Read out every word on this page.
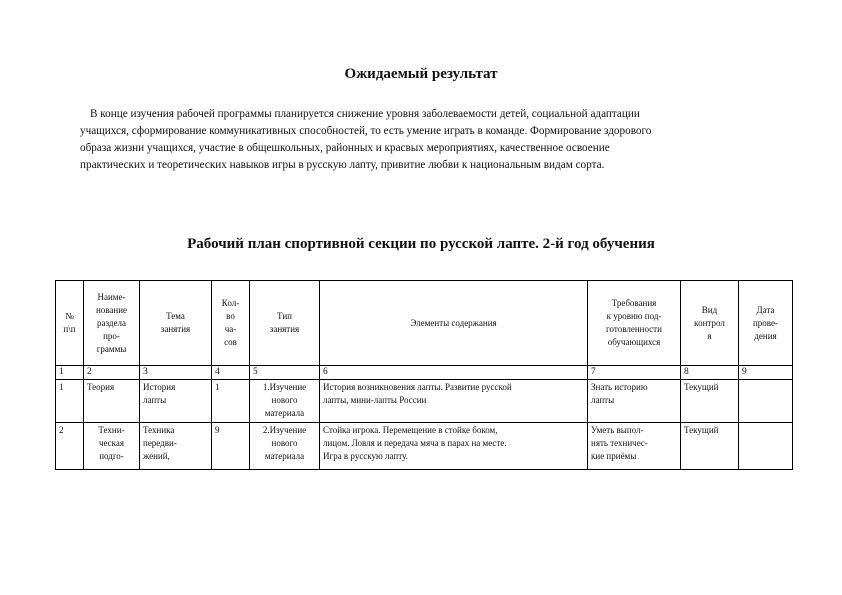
Ожидаемый результат
В конце изучения рабочей программы планируется снижение уровня заболеваемости детей, социальной адаптации
учащихся, сформирование коммуникативных способностей, то есть умение играть в команде. Формирование здорового
образа жизни учащихся, участие в общешкольных, районных и красвых мероприятиях, качественное освоение
практических и теоретических навыков игры в русскую лапту, привитие любви к национальным видам сорта.
Рабочий план спортивной секции по русской лапте. 2-й год обучения
№
п\п	Наиме-
нование
раздела
про-
граммы	Тема
занятия	Кол-
во
ча-
сов	Тип
занятия	Элементы содержания	Требования
к уровню под-
готовленности
обучающихся	Вид
контрол
я	Дата
прове-
дения
1	2	3	4	5	6	7	8	9
1	Теория	История
лапты	1	1.Изучение
нового
материала	История возникновения лапты. Развитие русской
лапты, мини-лапты России	Знать историю
лапты	Текущий	
2	Техни-
ческая
подго-	Техника
передви-
жений,	9	2.Изучение
нового
материала	Стойка игрока. Перемещение в стойке боком,
лицом. Ловля и передача мяча в парах на месте.
Игра в русскую лапту.	Уметь выпол-
нять техничес-
кие приёмы	Текущий	
